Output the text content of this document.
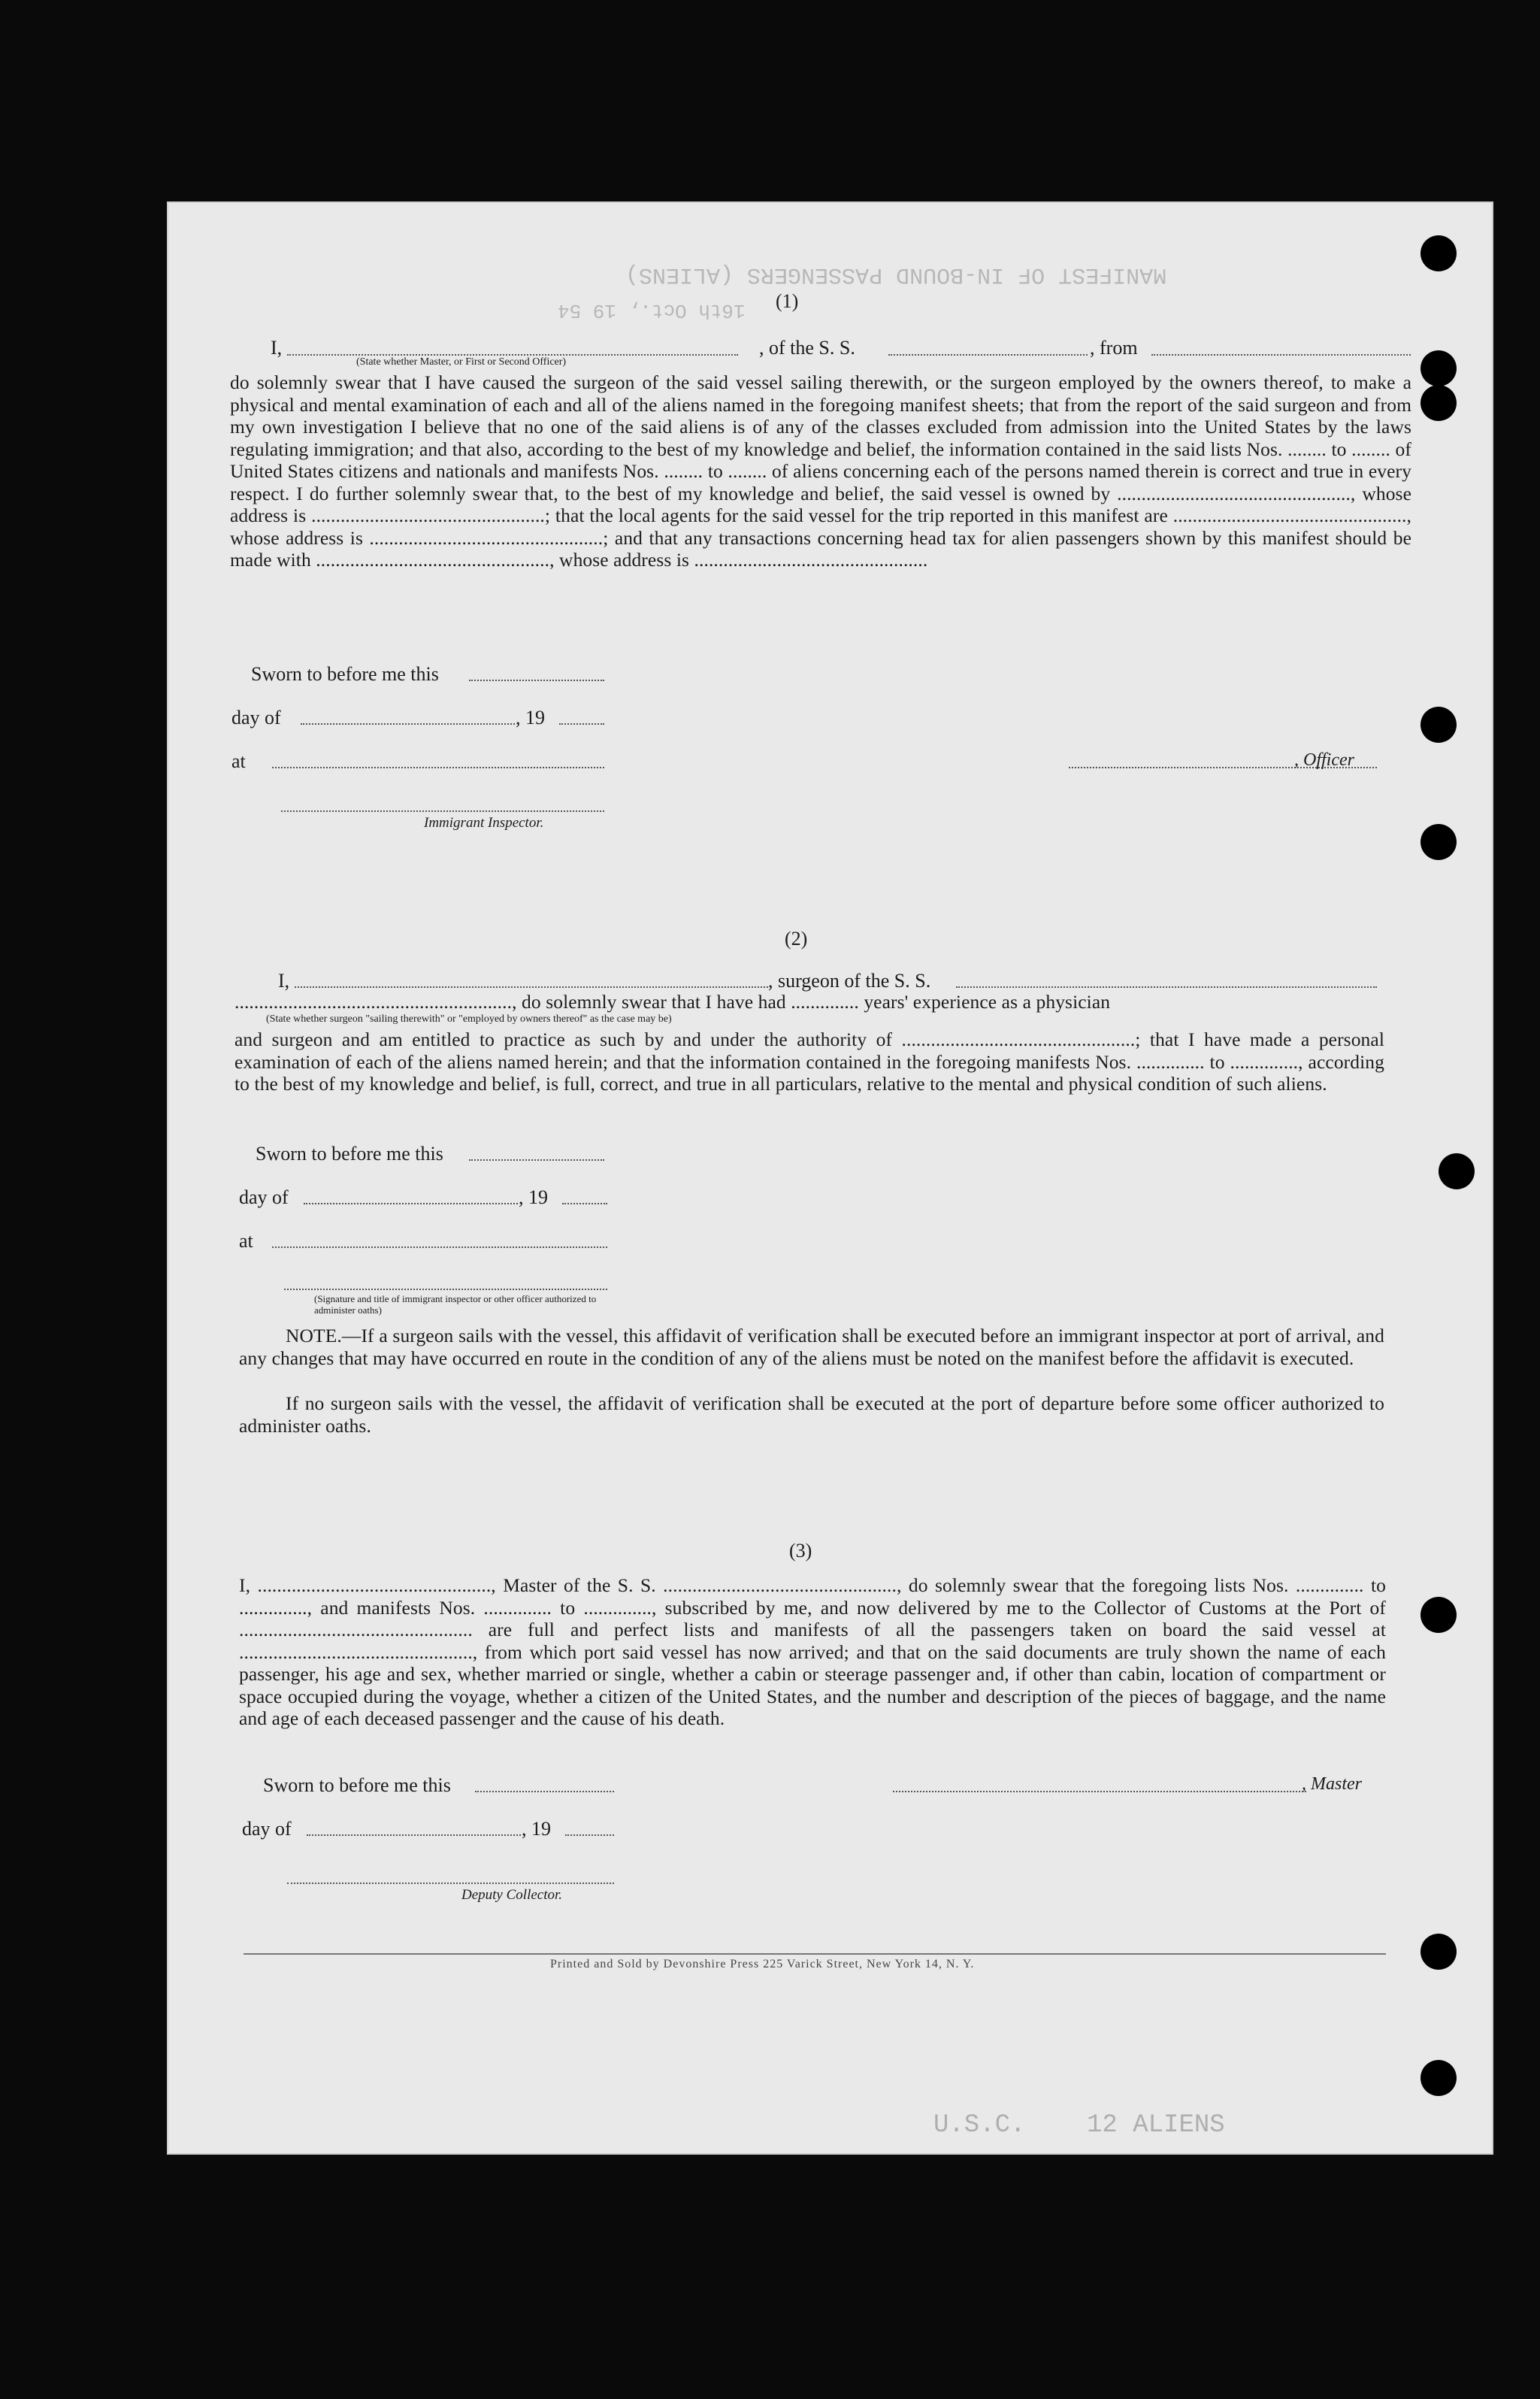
MANIFEST OF IN-BOUND PASSENGERS (ALIENS)
16th Oct., 19 54
U.S.C.    12 ALIENS
(1)
I,	, of the S. S.	, from
(State whether Master, or First or Second Officer)
do solemnly swear that I have caused the surgeon of the said vessel sailing therewith, or the surgeon employed by the owners thereof, to make a physical and mental examination of each and all of the aliens named in the foregoing manifest sheets; that from the report of the said surgeon and from my own investigation I believe that no one of the said aliens is of any of the classes excluded from admission into the United States by the laws regulating immigration; and that also, according to the best of my knowledge and belief, the information contained in the said lists Nos. ........ to ........ of United States citizens and nationals and manifests Nos. ........ to ........ of aliens concerning each of the persons named therein is correct and true in every respect. I do further solemnly swear that, to the best of my knowledge and belief, the said vessel is owned by ................................................, whose address is ................................................; that the local agents for the said vessel for the trip reported in this manifest are ................................................, whose address is ................................................; and that any transactions concerning head tax for alien passengers shown by this manifest should be made with ................................................, whose address is ................................................
Sworn to before me this
day of	, 19
at	, Officer
Immigrant Inspector.
(2)
I,	, surgeon of the S. S.
........................................................., do solemnly swear that I have had .............. years' experience as a physician
(State whether surgeon "sailing therewith" or "employed by owners thereof" as the case may be)
and surgeon and am entitled to practice as such by and under the authority of ................................................; that I have made a personal examination of each of the aliens named herein; and that the information contained in the foregoing manifests Nos. .............. to .............., according to the best of my knowledge and belief, is full, correct, and true in all particulars, relative to the mental and physical condition of such aliens.
Sworn to before me this
day of	, 19
at
(Signature and title of immigrant inspector or other officer authorized to administer oaths)
NOTE.—If a surgeon sails with the vessel, this affidavit of verification shall be executed before an immigrant inspector at port of arrival, and any changes that may have occurred en route in the condition of any of the aliens must be noted on the manifest before the affidavit is executed.
If no surgeon sails with the vessel, the affidavit of verification shall be executed at the port of departure before some officer authorized to administer oaths.
(3)
I, ................................................, Master of the S. S. ................................................, do solemnly swear that the foregoing lists Nos. .............. to .............., and manifests Nos. .............. to .............., subscribed by me, and now delivered by me to the Collector of Customs at the Port of ................................................ are full and perfect lists and manifests of all the passengers taken on board the said vessel at ................................................, from which port said vessel has now arrived; and that on the said documents are truly shown the name of each passenger, his age and sex, whether married or single, whether a cabin or steerage passenger and, if other than cabin, location of compartment or space occupied during the voyage, whether a citizen of the United States, and the number and description of the pieces of baggage, and the name and age of each deceased passenger and the cause of his death.
Sworn to before me this	, Master
day of	, 19
Deputy Collector.
Printed and Sold by Devonshire Press 225 Varick Street, New York 14, N. Y.
